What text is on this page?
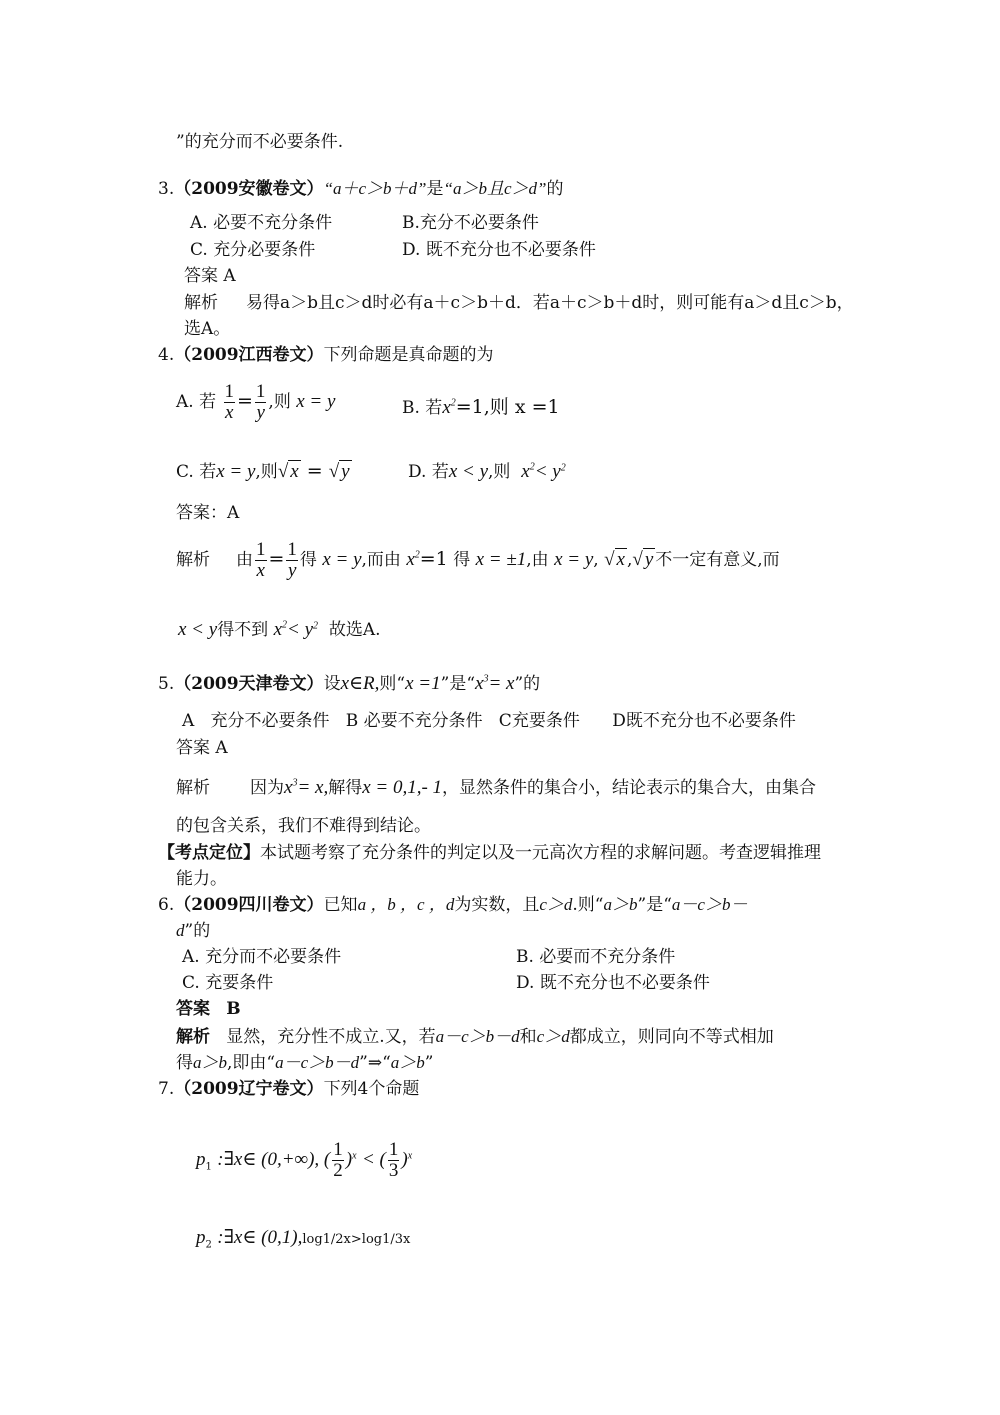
”的充分而不必要条件.
3.（2009安徽卷文）“a＋c＞b＋d”是“a＞b且c＞d”的
A. 必要不充分条件	B.充分不必要条件
C. 充分必要条件	D. 既不充分也不必要条件
答案 A
解析 易得a＞b且c＞d时必有a＋c＞b＋d．若a＋c＞b＋d时，则可能有a＞d且c＞b，
选A。
4.（2009江西卷文）下列命题是真命题的为
A. 若 $\frac{1}{x} = \frac{1}{y}$ ,则 x = y	B. 若$x^2=1$,则 x =1
C. 若x = y,则√ x = √ y	D. 若x < y,则 $x^2< y^2$
答案：A
解析 由 $\frac{1}{x} = \frac{1}{y}$ 得 x = y,而由 $x^2=1$ 得 x = ±1,由 x = y, √ x ,√ y 不一定有意义,而
x < y得不到 $x^2< y^2$ 故选A.
5.（2009天津卷文）设x∈R,则“x =1”是“$x^3= x$”的
A   充分不必要条件   B 必要不充分条件   C充要条件      D既不充分也不必要条件
答案 A
解析 因为$x^3= x$,解得x = 0,1,- 1，显然条件的集合小，结论表示的集合大，由集合
的包含关系，我们不难得到结论。
【考点定位】本试题考察了充分条件的判定以及一元高次方程的求解问题。考查逻辑推理
能力。
6.（2009四川卷文）已知a ，b ，c ，d为实数，且c＞d.则“a＞b”是“a－c＞b－
d”的
A. 充分而不必要条件	B. 必要而不充分条件
C. 充要条件	D. 既不充分也不必要条件
答案 B
解析 显然，充分性不成立.又，若a－c＞b－d和c＞d都成立，则同向不等式相加
得a＞b,即由“a－c＞b－d”⇒“a＞b”
7.（2009辽宁卷文）下列4个命题
$p_1$ :∃x∈ (0,+∞), ( $\frac{1}{2} )^x$ < ( $\frac{1}{3} )^x$
$p_2$ :∃x∈ (0,1),log1/2x>log1/3x
